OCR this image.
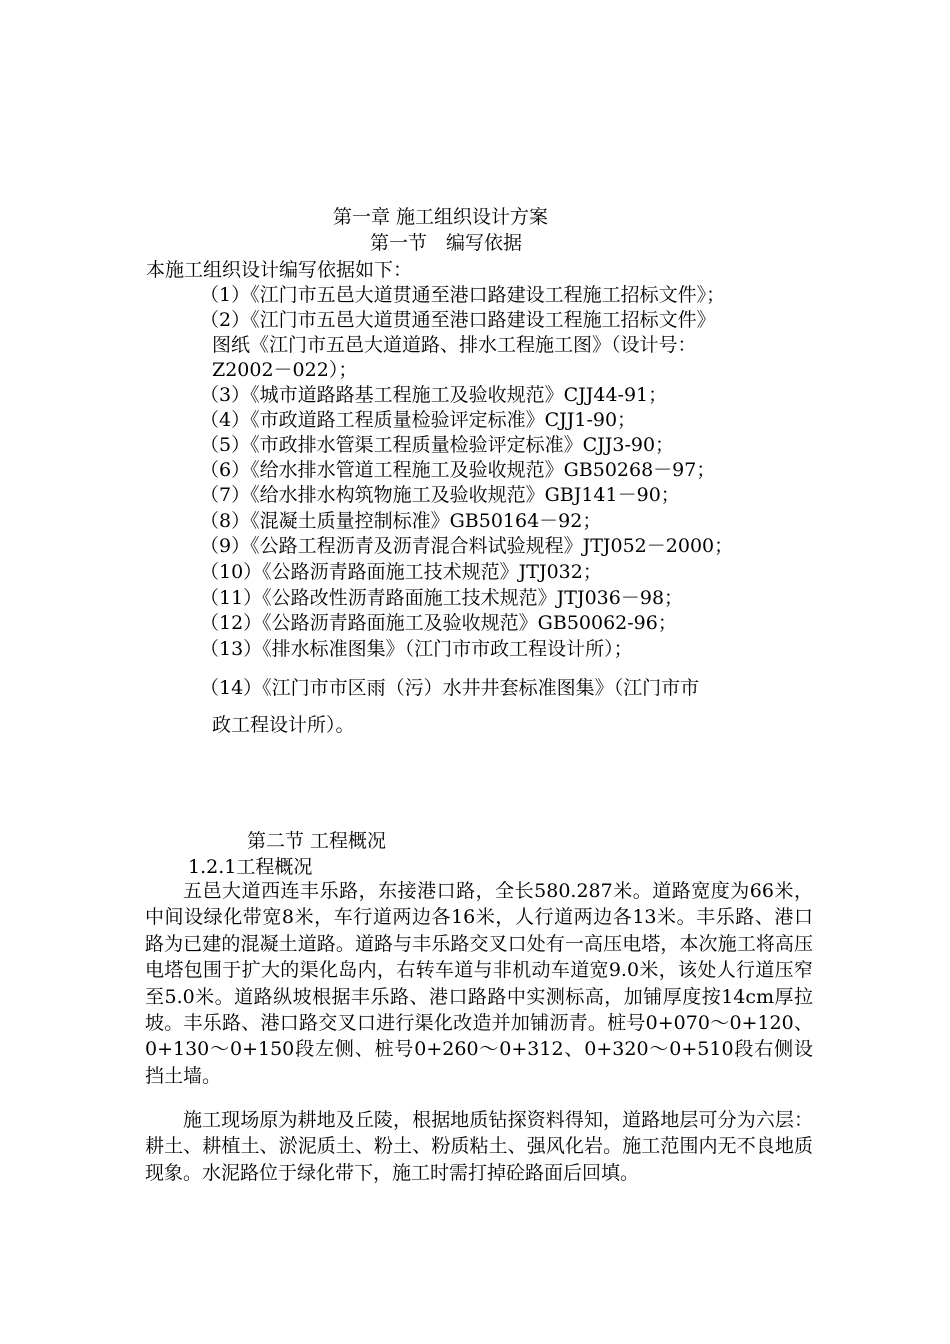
第一章 施工组织设计方案
第一节　编写依据
本施工组织设计编写依据如下：
（1）《江门市五邑大道贯通至港口路建设工程施工招标文件》；
（2）《江门市五邑大道贯通至港口路建设工程施工招标文件》
图纸《江门市五邑大道道路、排水工程施工图》（设计号：
Z2002－022）；
（3）《城市道路路基工程施工及验收规范》CJJ44-91；
（4）《市政道路工程质量检验评定标准》CJJ1-90；
（5）《市政排水管渠工程质量检验评定标准》CJJ3-90；
（6）《给水排水管道工程施工及验收规范》GB50268－97；
（7）《给水排水构筑物施工及验收规范》GBJ141－90；
（8）《混凝土质量控制标准》GB50164－92；
（9）《公路工程沥青及沥青混合料试验规程》JTJ052－2000；
（10）《公路沥青路面施工技术规范》JTJ032；
（11）《公路改性沥青路面施工技术规范》JTJ036－98；
（12）《公路沥青路面施工及验收规范》GB50062-96；
（13）《排水标准图集》（江门市市政工程设计所）；
（14）《江门市市区雨（污）水井井套标准图集》（江门市市
政工程设计所）。
第二节 工程概况
1.2.1工程概况
五邑大道西连丰乐路，东接港口路，全长580.287米。道路宽度为66米，中间设绿化带宽8米，车行道两边各16米，人行道两边各13米。丰乐路、港口路为已建的混凝土道路。道路与丰乐路交叉口处有一高压电塔，本次施工将高压电塔包围于扩大的渠化岛内，右转车道与非机动车道宽9.0米，该处人行道压窄至5.0米。道路纵坡根据丰乐路、港口路路中实测标高，加铺厚度按14cm厚拉坡。丰乐路、港口路交叉口进行渠化改造并加铺沥青。桩号0+070～0+120、0+130～0+150段左侧、桩号0+260～0+312、0+320～0+510段右侧设挡土墙。
施工现场原为耕地及丘陵，根据地质钻探资料得知，道路地层可分为六层：耕土、耕植土、淤泥质土、粉土、粉质粘土、强风化岩。施工范围内无不良地质现象。水泥路位于绿化带下，施工时需打掉砼路面后回填。
